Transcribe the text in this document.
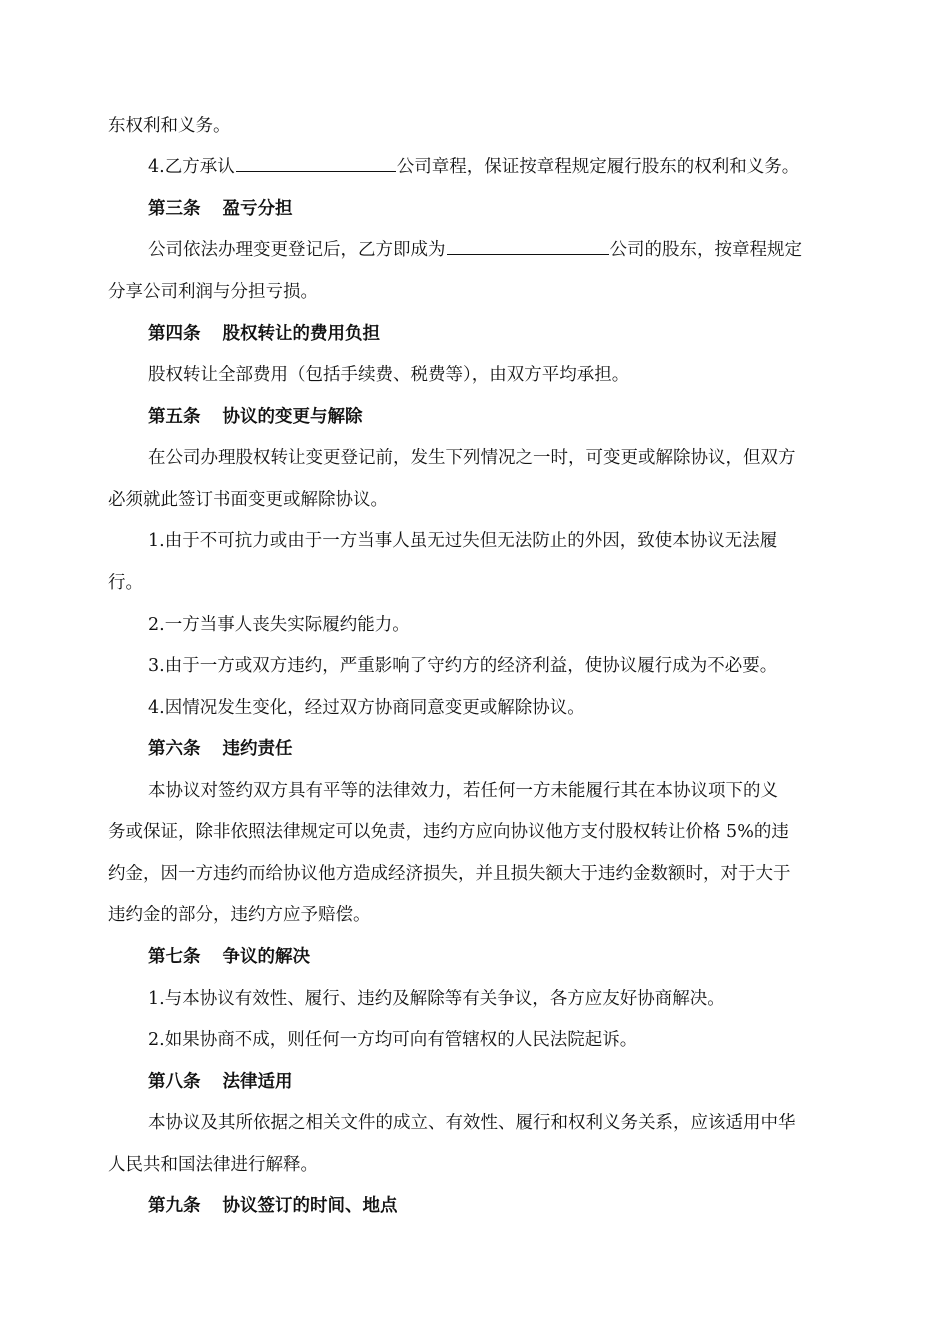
东权利和义务。
4.乙方承认	公司章程，保证按章程规定履行股东的权利和义务。
第三条 盈亏分担
公司依法办理变更登记后，乙方即成为	公司的股东，按章程规定
分享公司利润与分担亏损。
第四条 股权转让的费用负担
股权转让全部费用（包括手续费、税费等），由双方平均承担。
第五条 协议的变更与解除
在公司办理股权转让变更登记前，发生下列情况之一时，可变更或解除协议，但双方
必须就此签订书面变更或解除协议。
1.由于不可抗力或由于一方当事人虽无过失但无法防止的外因，致使本协议无法履
行。
2.一方当事人丧失实际履约能力。
3.由于一方或双方违约，严重影响了守约方的经济利益，使协议履行成为不必要。
4.因情况发生变化，经过双方协商同意变更或解除协议。
第六条 违约责任
本协议对签约双方具有平等的法律效力，若任何一方未能履行其在本协议项下的义
务或保证，除非依照法律规定可以免责，违约方应向协议他方支付股权转让价格 5%的违
约金，因一方违约而给协议他方造成经济损失，并且损失额大于违约金数额时，对于大于
违约金的部分，违约方应予赔偿。
第七条 争议的解决
1.与本协议有效性、履行、违约及解除等有关争议，各方应友好协商解决。
2.如果协商不成，则任何一方均可向有管辖权的人民法院起诉。
第八条 法律适用
本协议及其所依据之相关文件的成立、有效性、履行和权利义务关系，应该适用中华
人民共和国法律进行解释。
第九条 协议签订的时间、地点
